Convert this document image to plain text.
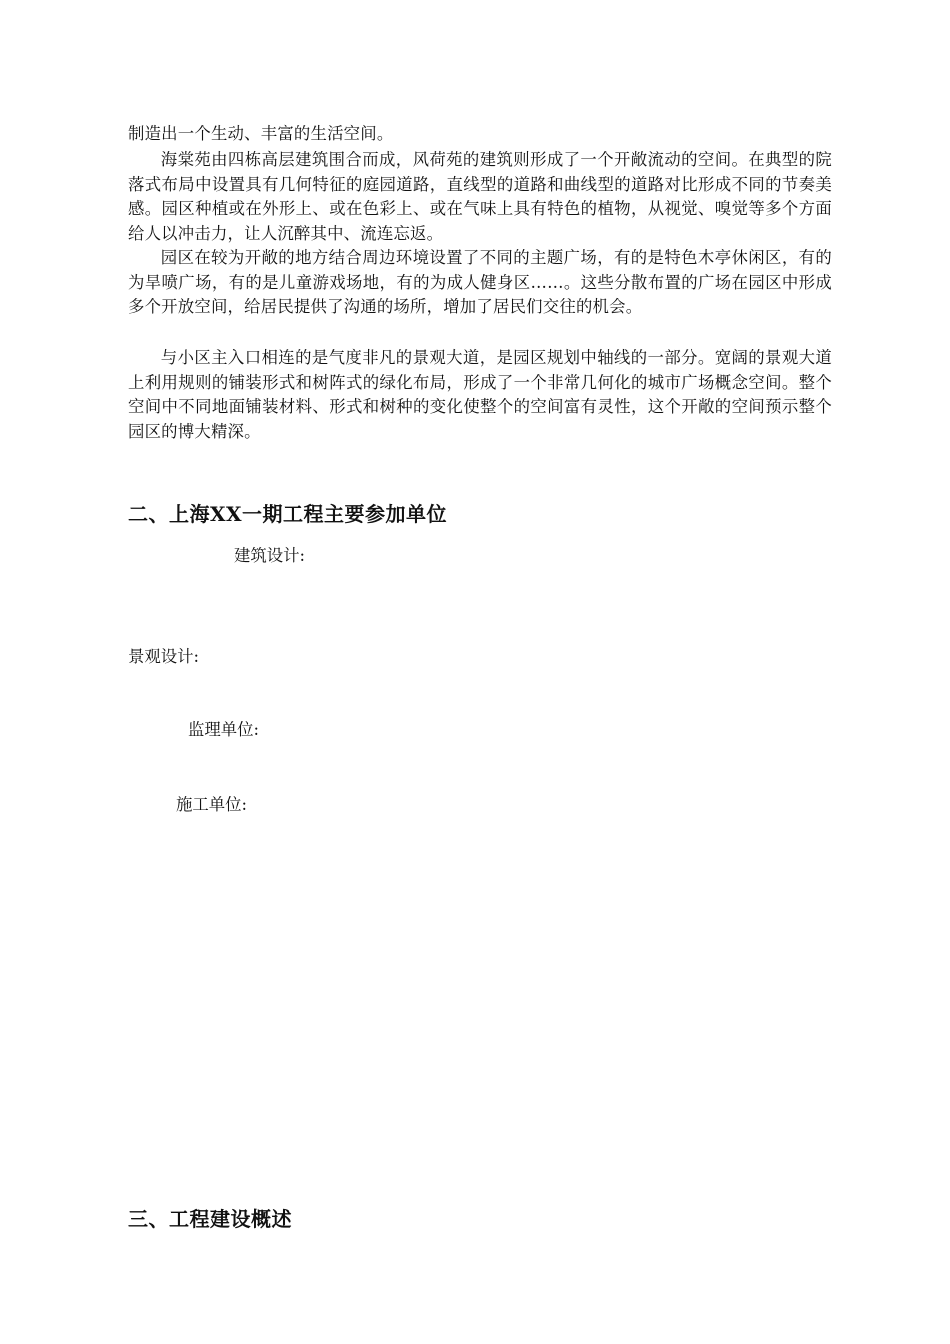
制造出一个生动、丰富的生活空间。

海棠苑由四栋高层建筑围合而成，风荷苑的建筑则形成了一个开敞流动的空间。在典型的院落式布局中设置具有几何特征的庭园道路，直线型的道路和曲线型的道路对比形成不同的节奏美感。园区种植或在外形上、或在色彩上、或在气味上具有特色的植物，从视觉、嗅觉等多个方面给人以冲击力，让人沉醉其中、流连忘返。

园区在较为开敞的地方结合周边环境设置了不同的主题广场，有的是特色木亭休闲区，有的为旱喷广场，有的是儿童游戏场地，有的为成人健身区……。这些分散布置的广场在园区中形成多个开放空间，给居民提供了沟通的场所，增加了居民们交往的机会。

与小区主入口相连的是气度非凡的景观大道，是园区规划中轴线的一部分。宽阔的景观大道上利用规则的铺装形式和树阵式的绿化布局，形成了一个非常几何化的城市广场概念空间。整个空间中不同地面铺装材料、形式和树种的变化使整个的空间富有灵性，这个开敞的空间预示整个园区的博大精深。

二、上海XX一期工程主要参加单位

建筑设计:

景观设计:

监理单位:

施工单位:

三、工程建设概述
